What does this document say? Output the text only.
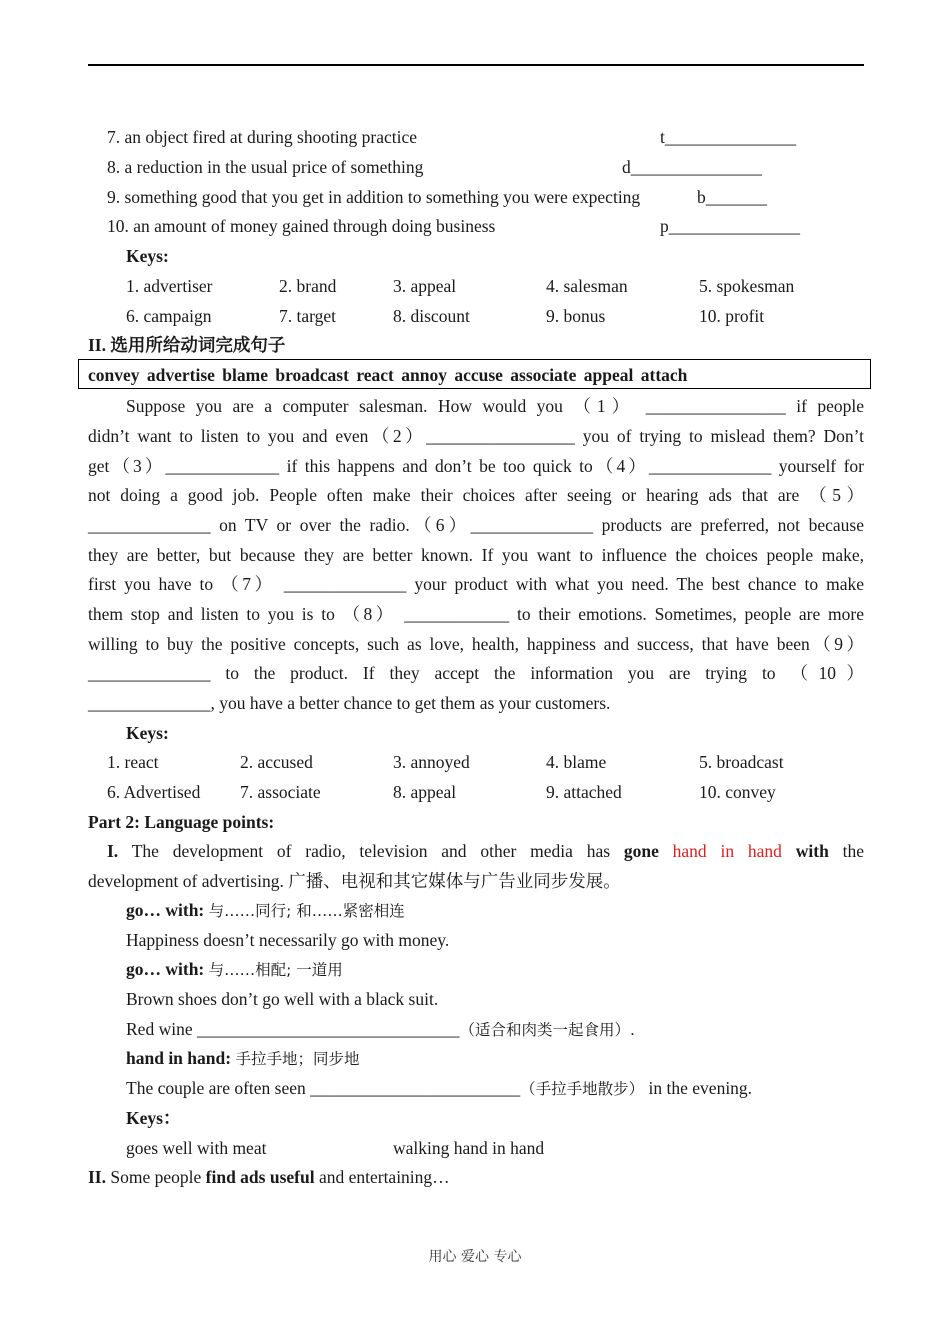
7. an object fired at during shooting practice	t_______________
8. a reduction in the usual price of something	d_______________
9. something good that you get in addition to something you were expecting	b_______
10. an amount of money gained through doing business	p_______________
Keys:
1. advertiser	2. brand	3. appeal	4. salesman	5. spokesman
6. campaign	7. target	8. discount	9. bonus	10. profit
II. 选用所给动词完成句子
convey advertise blame broadcast react annoy accuse associate appeal attach
Suppose you are a computer salesman. How would you （1） ________________ if people
didn’t want to listen to you and even（2）_________________ you of trying to mislead them? Don’t
get（3）_____________ if this happens and don’t be too quick to（4）______________ yourself for
not doing a good job. People often make their choices after seeing or hearing ads that are （5）
______________ on TV or over the radio.（6）______________ products are preferred, not because
they are better, but because they are better known. If you want to influence the choices people make,
first you have to （7） ______________ your product with what you need. The best chance to make
them stop and listen to you is to （8） ____________ to their emotions. Sometimes, people are more
willing to buy the positive concepts, such as love, health, happiness and success, that have been（9）
______________ to the product. If they accept the information you are trying to （10）
______________, you have a better chance to get them as your customers.
Keys:
1. react	2. accused	3. annoyed	4. blame	5. broadcast
6. Advertised 7. associate	8. appeal	9. attached	10. convey
Part 2: Language points:
I. The development of radio, television and other media has gone hand in hand with the
development of advertising. 广播、电视和其它媒体与广告业同步发展。
go… with: 与……同行; 和……紧密相连
Happiness doesn’t necessarily go with money.
go… with: 与……相配; 一道用
Brown shoes don’t go well with a black suit.
Red wine ______________________________（适合和肉类一起食用）.
hand in hand: 手拉手地；同步地
The couple are often seen ________________________（手拉手地散步） in the evening.
Keys：
goes well with meat	walking hand in hand
II. Some people find ads useful and entertaining…
用心 爱心 专心
